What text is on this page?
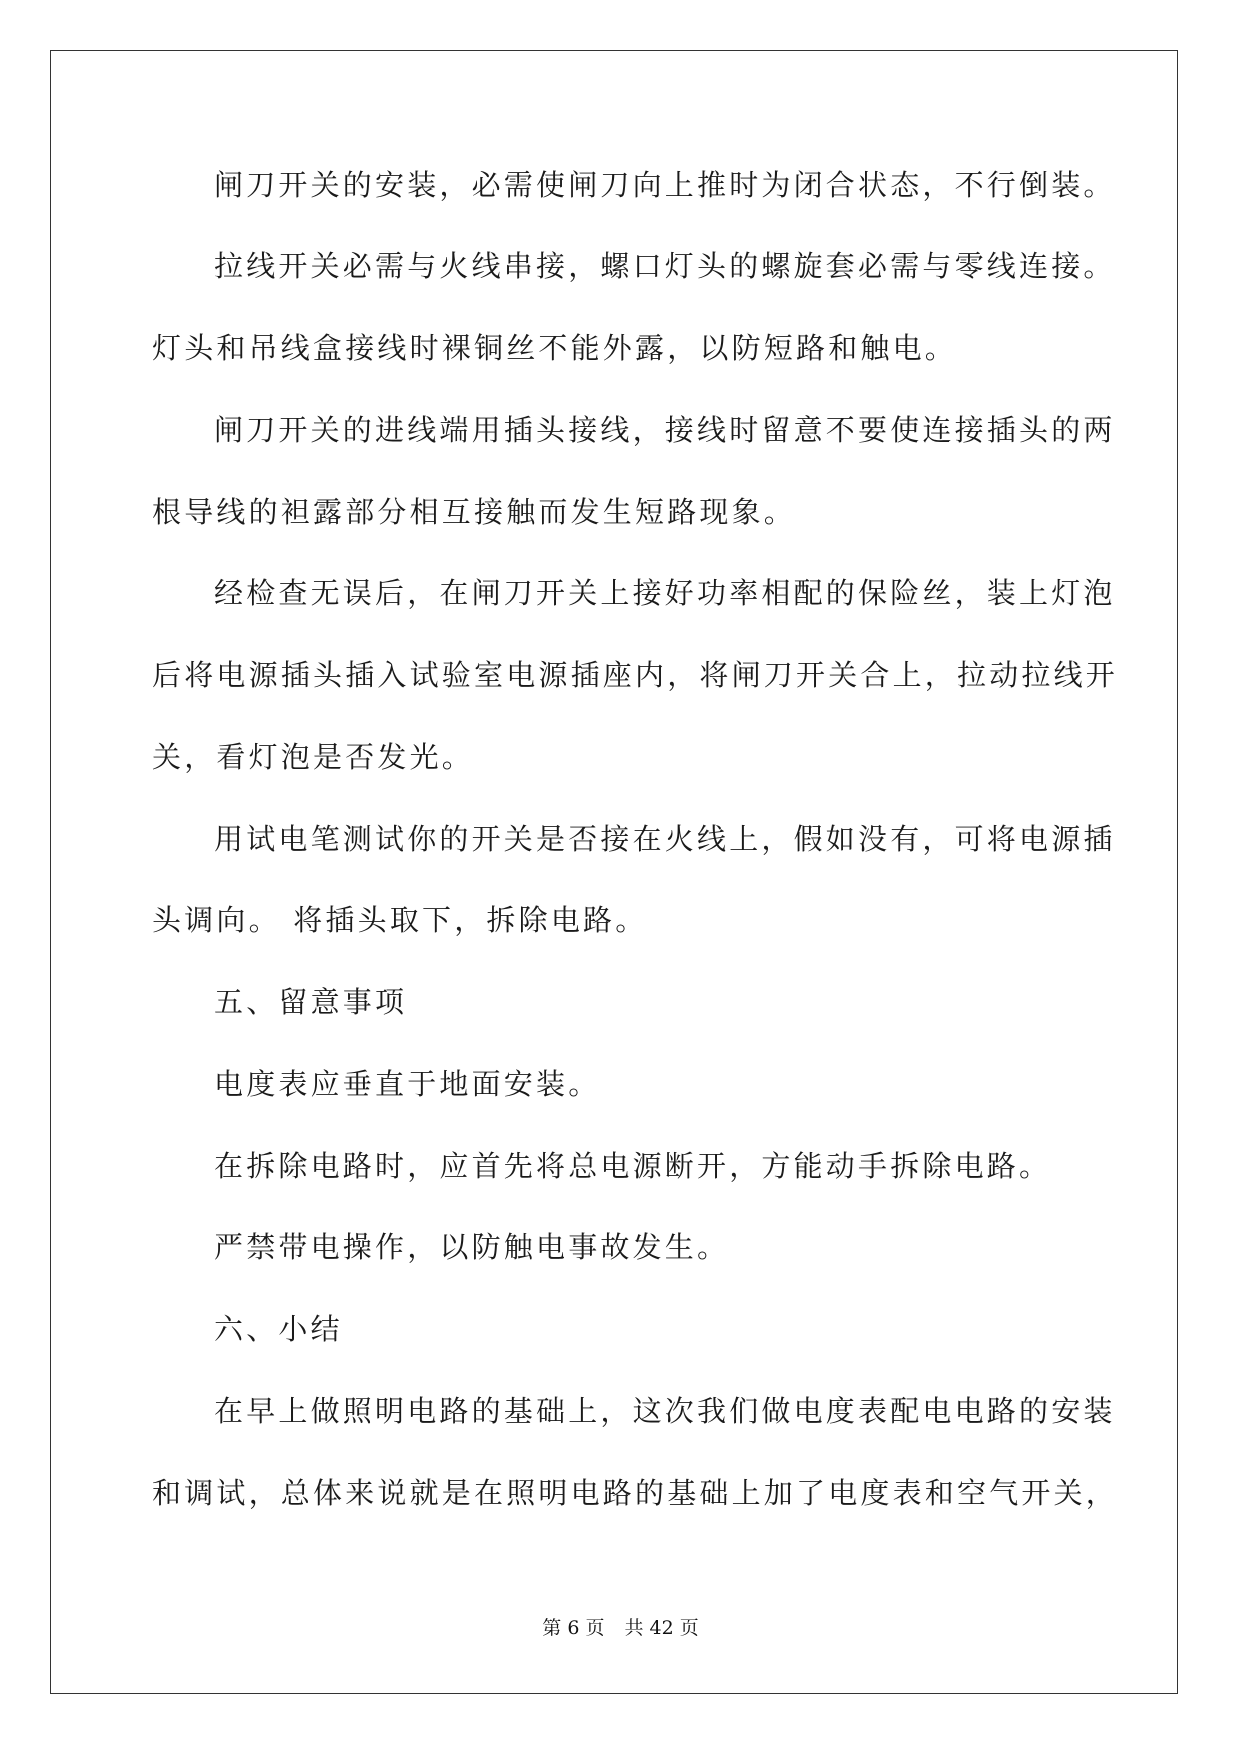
闸刀开关的安装，必需使闸刀向上推时为闭合状态，不行倒装。
拉线开关必需与火线串接，螺口灯头的螺旋套必需与零线连接。
灯头和吊线盒接线时裸铜丝不能外露，以防短路和触电。
闸刀开关的进线端用插头接线，接线时留意不要使连接插头的两
根导线的袒露部分相互接触而发生短路现象。
经检查无误后，在闸刀开关上接好功率相配的保险丝，装上灯泡
后将电源插头插入试验室电源插座内，将闸刀开关合上，拉动拉线开
关，看灯泡是否发光。
用试电笔测试你的开关是否接在火线上，假如没有，可将电源插
头调向。 将插头取下，拆除电路。
五、留意事项
电度表应垂直于地面安装。
在拆除电路时，应首先将总电源断开，方能动手拆除电路。
严禁带电操作，以防触电事故发生。
六、小结
在早上做照明电路的基础上，这次我们做电度表配电电路的安装
和调试，总体来说就是在照明电路的基础上加了电度表和空气开关，
第 6 页 共 42 页
